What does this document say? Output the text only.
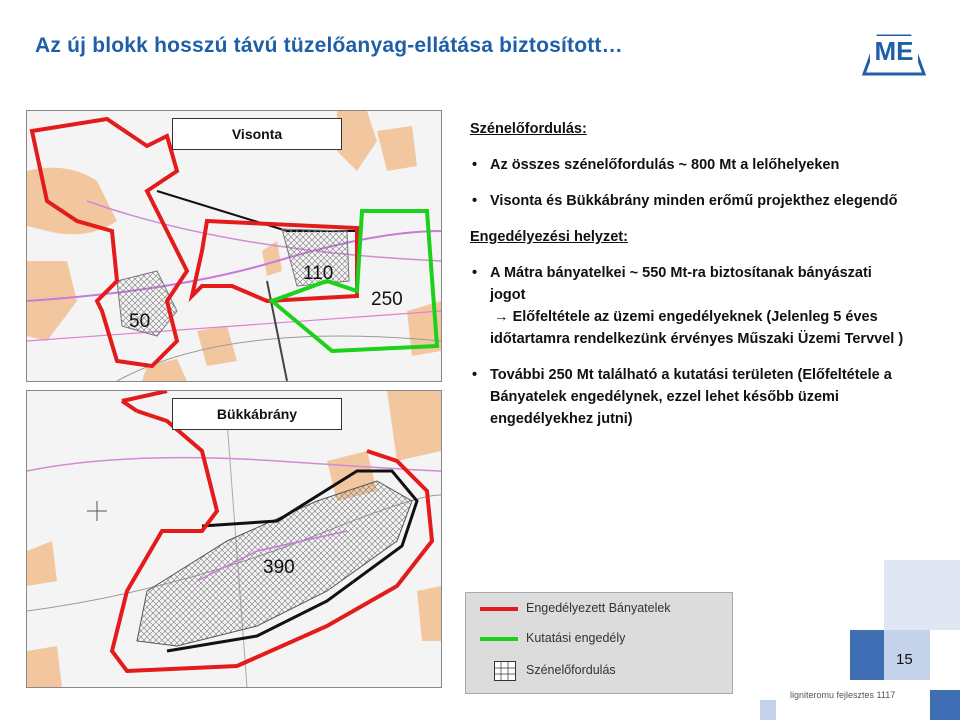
Az új blokk hosszú távú tüzelőanyag-ellátása biztosított…	ME
110
250
50
Visonta
390
Bükkábrány
Szénelőfordulás:
• Az összes szénelőfordulás ~ 800 Mt a lelőhelyeken
• Visonta és Bükkábrány minden erőmű projekthez elegendő
Engedélyezési helyzet:
• A Mátra bányatelkei ~ 550 Mt-ra biztosítanak bányászati jogot
→ Előfeltétele az üzemi engedélyeknek (Jelenleg 5 éves időtartamra rendelkezünk érvényes Műszaki Üzemi Tervvel )
• További 250 Mt található a kutatási területen (Előfeltétele a Bányatelek engedélynek, ezzel lehet később üzemi engedélyekhez jutni)
Engedélyezett Bányatelek
Kutatási engedély
Szénelőfordulás
15
ligniteromu fejlesztes 1117
